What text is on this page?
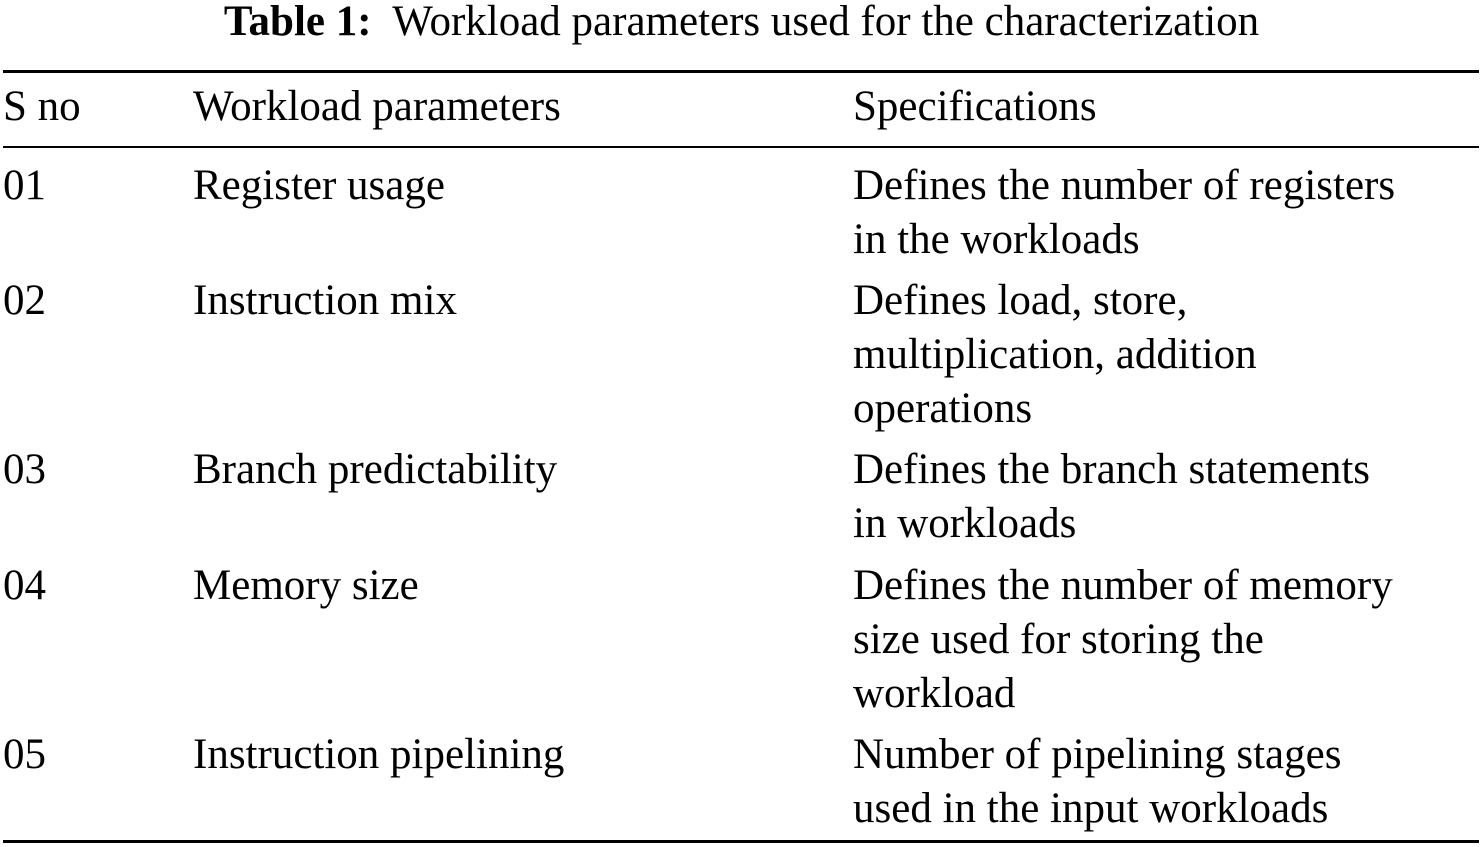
Table 1: Workload parameters used for the characterization
S no	Workload parameters	Specifications
01	Register usage	Defines the number of registers
in the workloads
02	Instruction mix	Defines load, store,
multiplication, addition
operations
03	Branch predictability	Defines the branch statements
in workloads
04	Memory size	Defines the number of memory
size used for storing the
workload
05	Instruction pipelining	Number of pipelining stages
used in the input workloads
